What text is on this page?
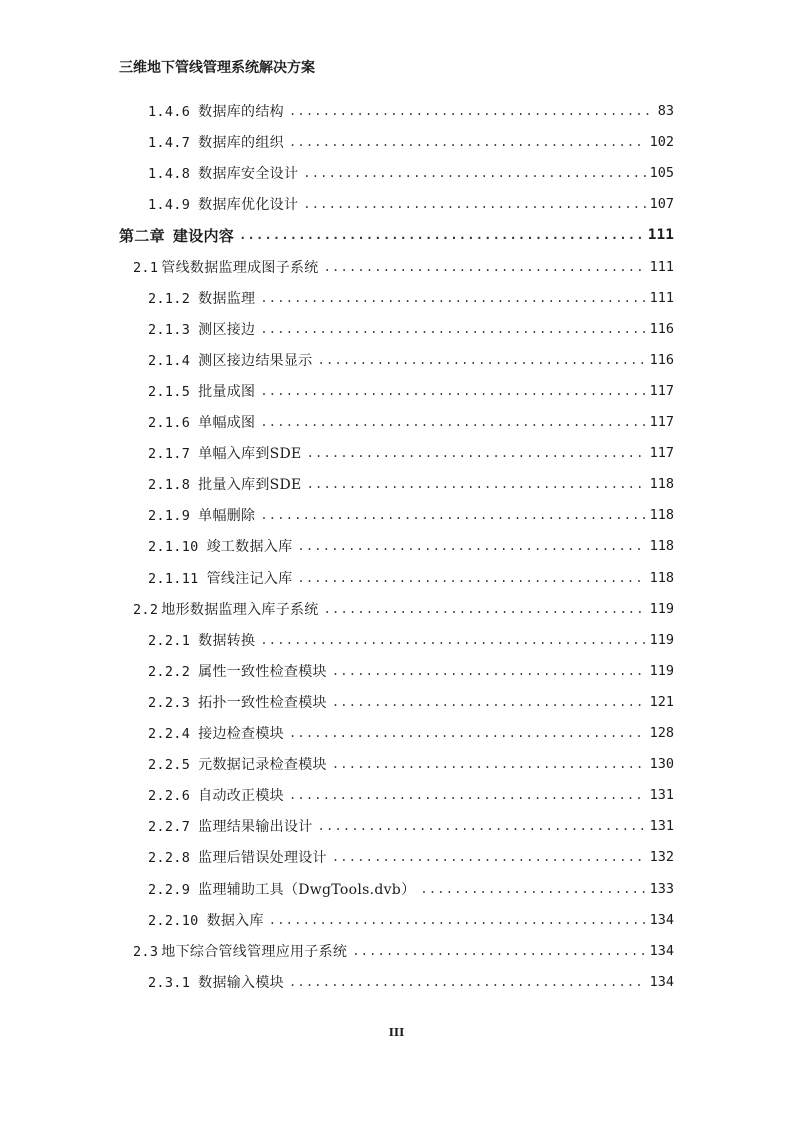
三维地下管线管理系统解决方案
1.4.6 数据库的结构 . . .	83
1.4.7 数据库的组织 . . .	102
1.4.8 数据库安全设计 . . .	105
1.4.9 数据库优化设计 . . .	107
第二章 建设内容 . . .	111
2.1 管线数据监理成图子系统 . . .	111
2.1.2 数据监理 . . .	111
2.1.3 测区接边 . . .	116
2.1.4 测区接边结果显示 . . .	116
2.1.5 批量成图 . . .	117
2.1.6 单幅成图 . . .	117
2.1.7 单幅入库到SDE . . .	117
2.1.8 批量入库到SDE . . .	118
2.1.9 单幅删除 . . .	118
2.1.10 竣工数据入库 . . .	118
2.1.11 管线注记入库 . . .	118
2.2 地形数据监理入库子系统 . . .	119
2.2.1 数据转换 . . .	119
2.2.2 属性一致性检查模块 . . .	119
2.2.3 拓扑一致性检查模块 . . .	121
2.2.4 接边检查模块 . . .	128
2.2.5 元数据记录检查模块 . . .	130
2.2.6 自动改正模块 . . .	131
2.2.7 监理结果输出设计 . . .	131
2.2.8 监理后错误处理设计 . . .	132
2.2.9 监理辅助工具（DwgTools.dvb） . . .	133
2.2.10 数据入库 . . .	134
2.3 地下综合管线管理应用子系统 . . .	134
2.3.1 数据输入模块 . . .	134
III
